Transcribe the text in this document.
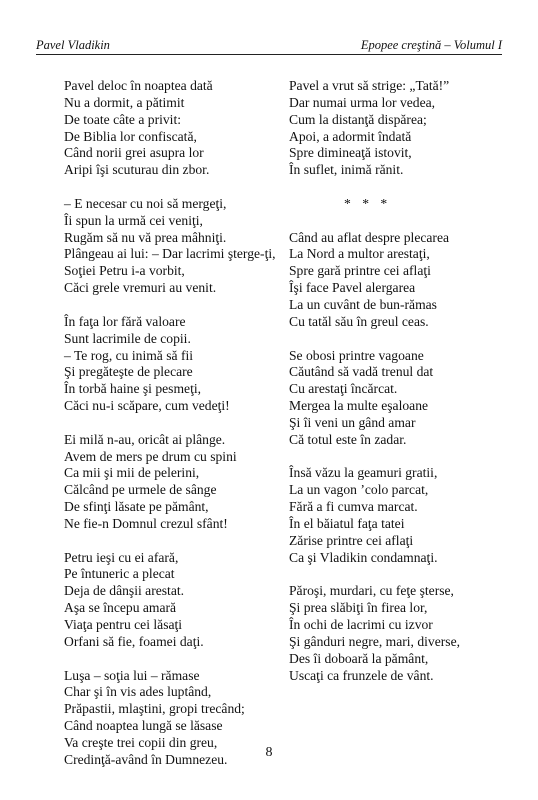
Pavel Vladikin	Epopee creştină – Volumul I
Pavel deloc în noaptea dată
Nu a dormit, a pătimit
De toate câte a privit:
De Biblia lor confiscată,
Când norii grei asupra lor
Aripi îşi scuturau din zbor.
– E necesar cu noi să mergeţi,
Îi spun la urmă cei veniţi,
Rugăm să nu vă prea mâhniţi.
Plângeau ai lui: – Dar lacrimi şterge-ţi,
Soţiei Petru i-a vorbit,
Căci grele vremuri au venit.
În faţa lor fără valoare
Sunt lacrimile de copii.
– Te rog, cu inimă să fii
Şi pregăteşte de plecare
În torbă haine şi pesmeţi,
Căci nu-i scăpare, cum vedeţi!
Ei milă n-au, oricât ai plânge.
Avem de mers pe drum cu spini
Ca mii şi mii de pelerini,
Călcând pe urmele de sânge
De sfinţi lăsate pe pământ,
Ne fie-n Domnul crezul sfânt!
Petru ieşi cu ei afară,
Pe întuneric a plecat
Deja de dânşii arestat.
Aşa se începu amară
Viaţa pentru cei lăsaţi
Orfani să fie, foamei daţi.
Luşa – soţia lui – rămase
Char şi în vis ades luptând,
Prăpastii, mlaştini, gropi trecând;
Când noaptea lungă se lăsase
Va creşte trei copii din greu,
Credinţă-având în Dumnezeu.
Pavel a vrut să strige: „Tată!”
Dar numai urma lor vedea,
Cum la distanţă dispărea;
Apoi, a adormit îndată
Spre dimineaţă istovit,
În suflet, inimă rănit.
* * *
Când au aflat despre plecarea
La Nord a multor arestaţi,
Spre gară printre cei aflaţi
Îşi face Pavel alergarea
La un cuvânt de bun-rămas
Cu tatăl său în greul ceas.
Se obosi printre vagoane
Căutând să vadă trenul dat
Cu arestaţi încărcat.
Mergea la multe eşaloane
Şi îi veni un gând amar
Că totul este în zadar.
Însă văzu la geamuri gratii,
La un vagon ’colo parcat,
Fără a fi cumva marcat.
În el băiatul faţa tatei
Zărise printre cei aflaţi
Ca şi Vladikin condamnaţi.
Păroşi, murdari, cu feţe şterse,
Şi prea slăbiţi în firea lor,
În ochi de lacrimi cu izvor
Şi gânduri negre, mari, diverse,
Des îi doboară la pământ,
Uscaţi ca frunzele de vânt.
8
